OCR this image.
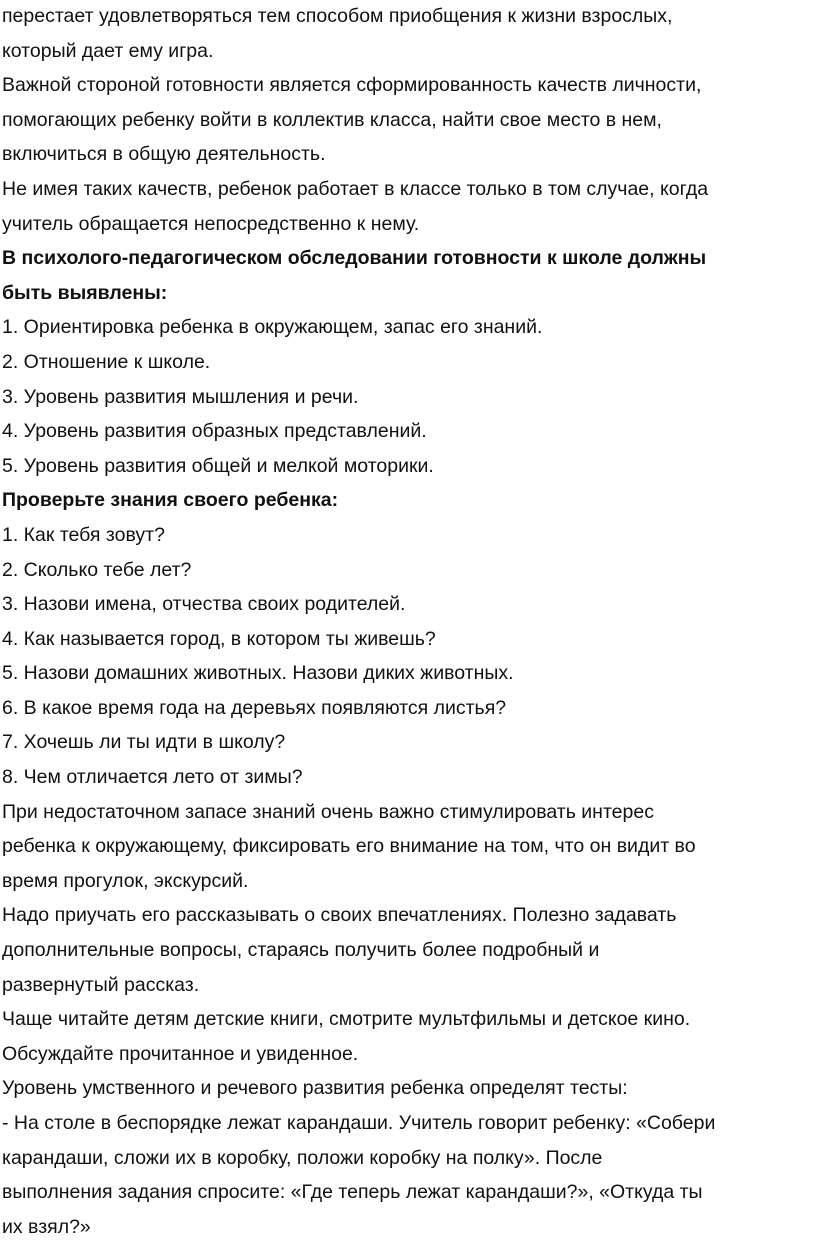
перестает удовлетворяться тем способом приобщения к жизни взрослых,
который дает ему игра.
Важной стороной готовности является сформированность качеств личности,
помогающих ребенку войти в коллектив класса, найти свое место в нем,
включиться в общую деятельность.
Не имея таких качеств, ребенок работает в классе только в том случае, когда
учитель обращается непосредственно к нему.
В психолого-педагогическом обследовании готовности к школе должны
быть выявлены:
1. Ориентировка ребенка в окружающем, запас его знаний.
2. Отношение к школе.
3. Уровень развития мышления и речи.
4. Уровень развития образных представлений.
5. Уровень развития общей и мелкой моторики.
Проверьте знания своего ребенка:
1. Как тебя зовут?
2. Сколько тебе лет?
3. Назови имена, отчества своих родителей.
4. Как называется город, в котором ты живешь?
5. Назови домашних животных. Назови диких животных.
6. В какое время года на деревьях появляются листья?
7. Хочешь ли ты идти в школу?
8. Чем отличается лето от зимы?
При недостаточном запасе знаний очень важно стимулировать интерес
ребенка к окружающему, фиксировать его внимание на том, что он видит во
время прогулок, экскурсий.
Надо приучать его рассказывать о своих впечатлениях. Полезно задавать
дополнительные вопросы, стараясь получить более подробный и
развернутый рассказ.
Чаще читайте детям детские книги, смотрите мультфильмы и детское кино.
Обсуждайте прочитанное и увиденное.
Уровень умственного и речевого развития ребенка определят тесты:
- На столе в беспорядке лежат карандаши. Учитель говорит ребенку: «Собери
карандаши, сложи их в коробку, положи коробку на полку». После
выполнения задания спросите: «Где теперь лежат карандаши?», «Откуда ты
их взял?»
